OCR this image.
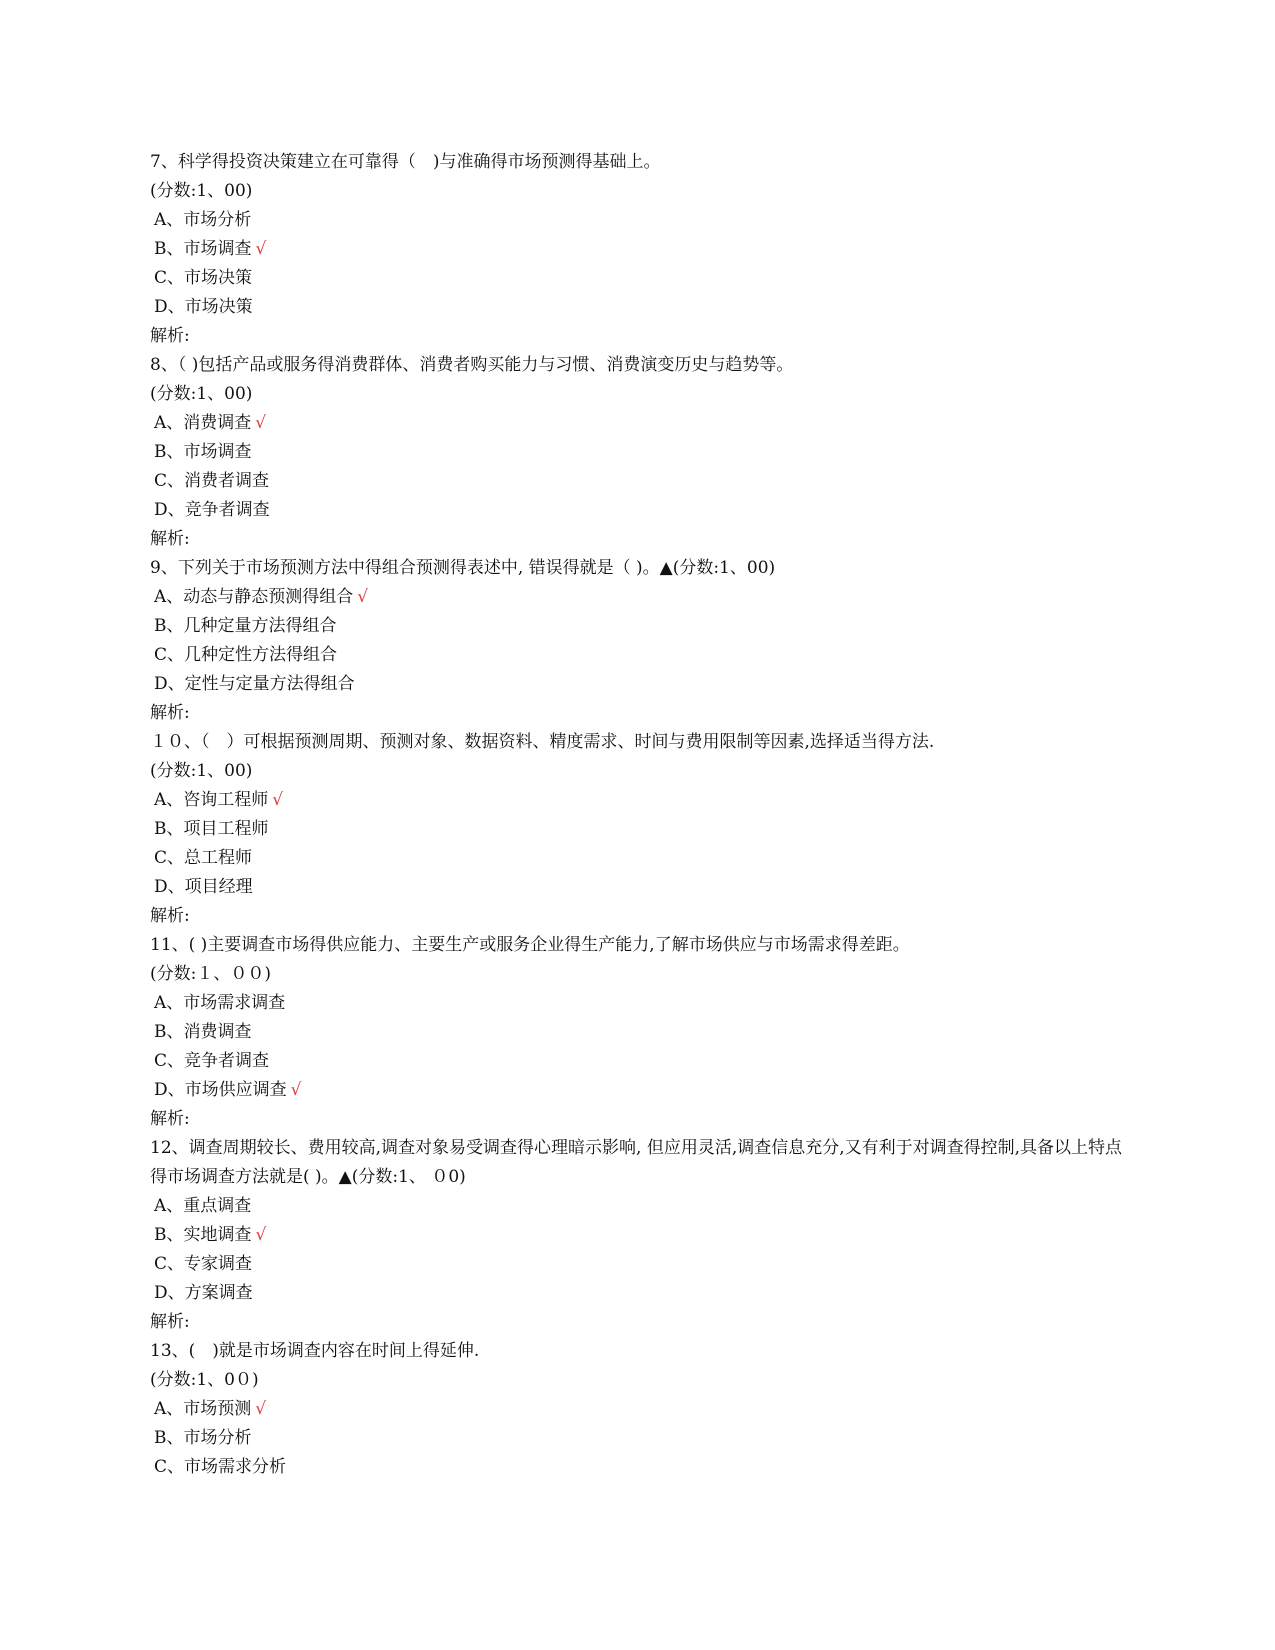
7、科学得投资决策建立在可靠得（　)与准确得市场预测得基础上。
(分数:1、00)
A、市场分析
B、市场调查 √
C、市场决策
D、市场决策
解析:
8、（ )包括产品或服务得消费群体、消费者购买能力与习惯、消费演变历史与趋势等。
(分数:1、00)
A、消费调查 √
B、市场调查
C、消费者调查
D、竞争者调查
解析:
9、下列关于市场预测方法中得组合预测得表述中, 错误得就是（ )。▲(分数:1、00)
A、动态与静态预测得组合 √
B、几种定量方法得组合
C、几种定性方法得组合
D、定性与定量方法得组合
解析:
１０、（　）可根据预测周期、预测对象、数据资料、精度需求、时间与费用限制等因素,选择适当得方法.
(分数:1、00)
A、咨询工程师 √
B、项目工程师
C、总工程师
D、项目经理
解析:
11、( )主要调查市场得供应能力、主要生产或服务企业得生产能力,了解市场供应与市场需求得差距。
(分数:１、００)
A、市场需求调查
B、消费调查
C、竞争者调查
D、市场供应调查 √
解析:
12、调查周期较长、费用较高,调查对象易受调查得心理暗示影响, 但应用灵活,调查信息充分,又有利于对调查得控制,具备以上特点得市场调查方法就是( )。▲(分数:1、 ０0)
A、重点调查
B、实地调查 √
C、专家调查
D、方案调查
解析:
13、(　)就是市场调查内容在时间上得延伸.
(分数:1、0０)
A、市场预测 √
B、市场分析
C、市场需求分析
